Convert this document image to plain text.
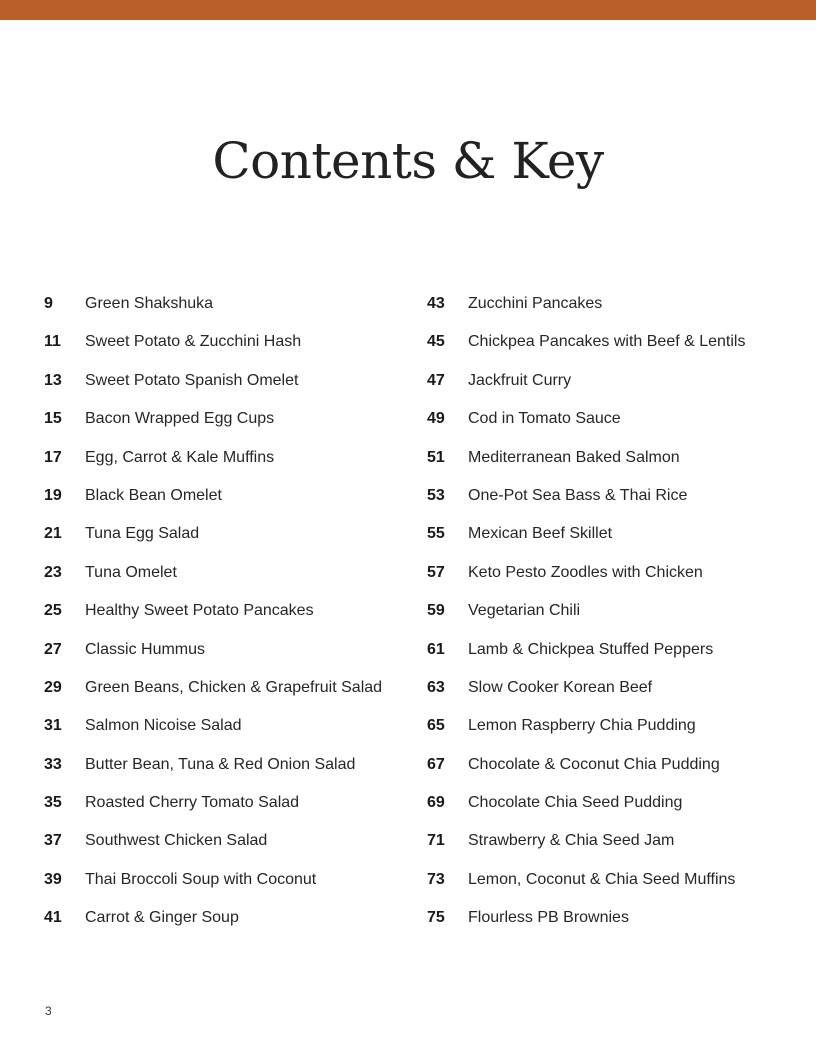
Contents & Key
9	Green Shakshuka
11	Sweet Potato & Zucchini Hash
13	Sweet Potato Spanish Omelet
15	Bacon Wrapped Egg Cups
17	Egg, Carrot & Kale Muffins
19	Black Bean Omelet
21	Tuna Egg Salad
23	Tuna Omelet
25	Healthy Sweet Potato Pancakes
27	Classic Hummus
29	Green Beans, Chicken & Grapefruit Salad
31	Salmon Nicoise Salad
33	Butter Bean, Tuna & Red Onion Salad
35	Roasted Cherry Tomato Salad
37	Southwest Chicken Salad
39	Thai Broccoli Soup with Coconut
41	Carrot & Ginger Soup
43	Zucchini Pancakes
45	Chickpea Pancakes with Beef & Lentils
47	Jackfruit Curry
49	Cod in Tomato Sauce
51	Mediterranean Baked Salmon
53	One-Pot Sea Bass & Thai Rice
55	Mexican Beef Skillet
57	Keto Pesto Zoodles with Chicken
59	Vegetarian Chili
61	Lamb & Chickpea Stuffed Peppers
63	Slow Cooker Korean Beef
65	Lemon Raspberry Chia Pudding
67	Chocolate & Coconut Chia Pudding
69	Chocolate Chia Seed Pudding
71	Strawberry & Chia Seed Jam
73	Lemon, Coconut & Chia Seed Muffins
75	Flourless PB Brownies
3
